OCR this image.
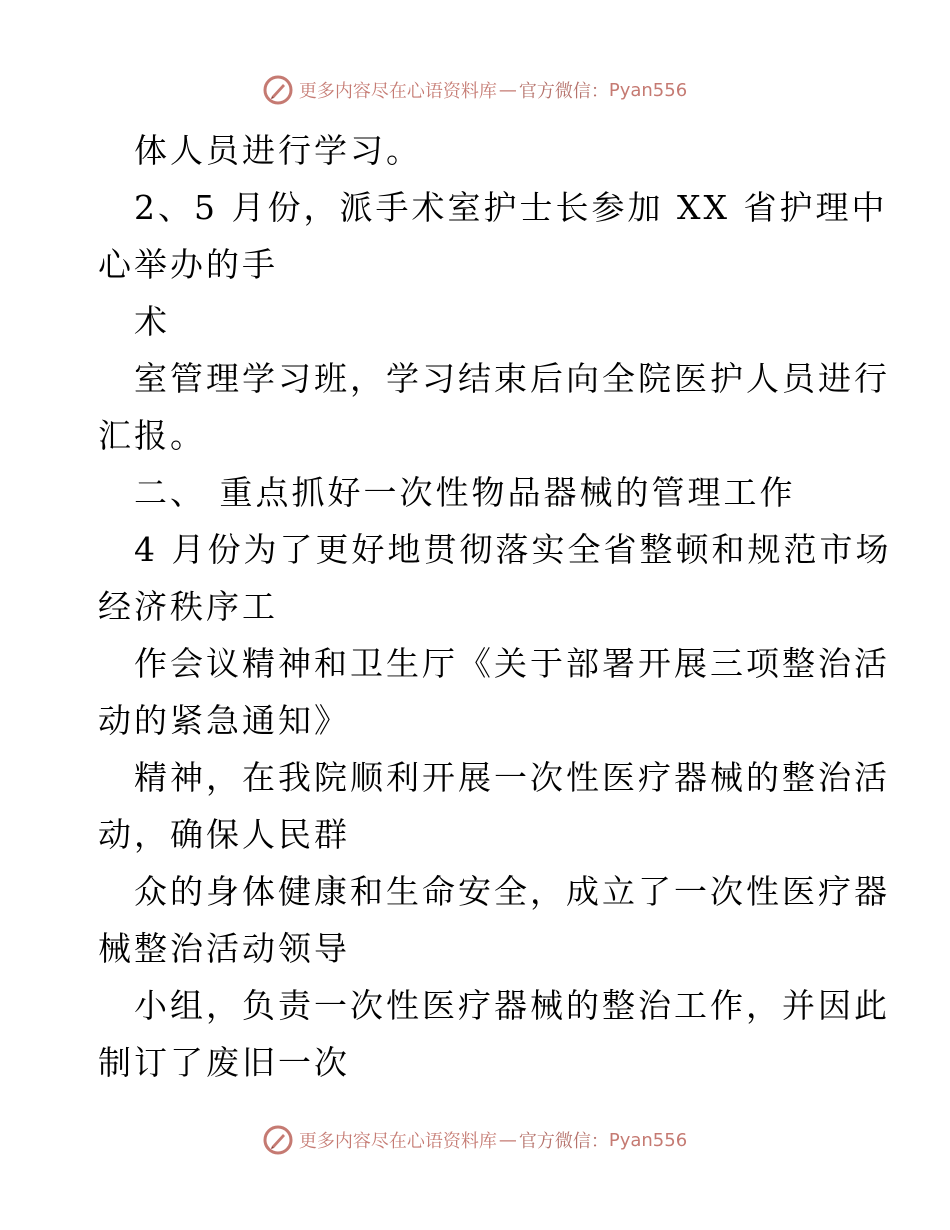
更多内容尽在心语资料库 — 官方微信： Pyan556
体人员进行学习。
2、5 月份，派手术室护士长参加 XX 省护理中
心举办的手
术
室管理学习班，学习结束后向全院医护人员进行
汇报。
二、 重点抓好一次性物品器械的管理工作
4 月份为了更好地贯彻落实全省整顿和规范市场
经济秩序工
作会议精神和卫生厅《关于部署开展三项整治活
动的紧急通知》
精神，在我院顺利开展一次性医疗器械的整治活
动，确保人民群
众的身体健康和生命安全，成立了一次性医疗器
械整治活动领导
小组，负责一次性医疗器械的整治工作，并因此
制订了废旧一次
更多内容尽在心语资料库 — 官方微信： Pyan556
